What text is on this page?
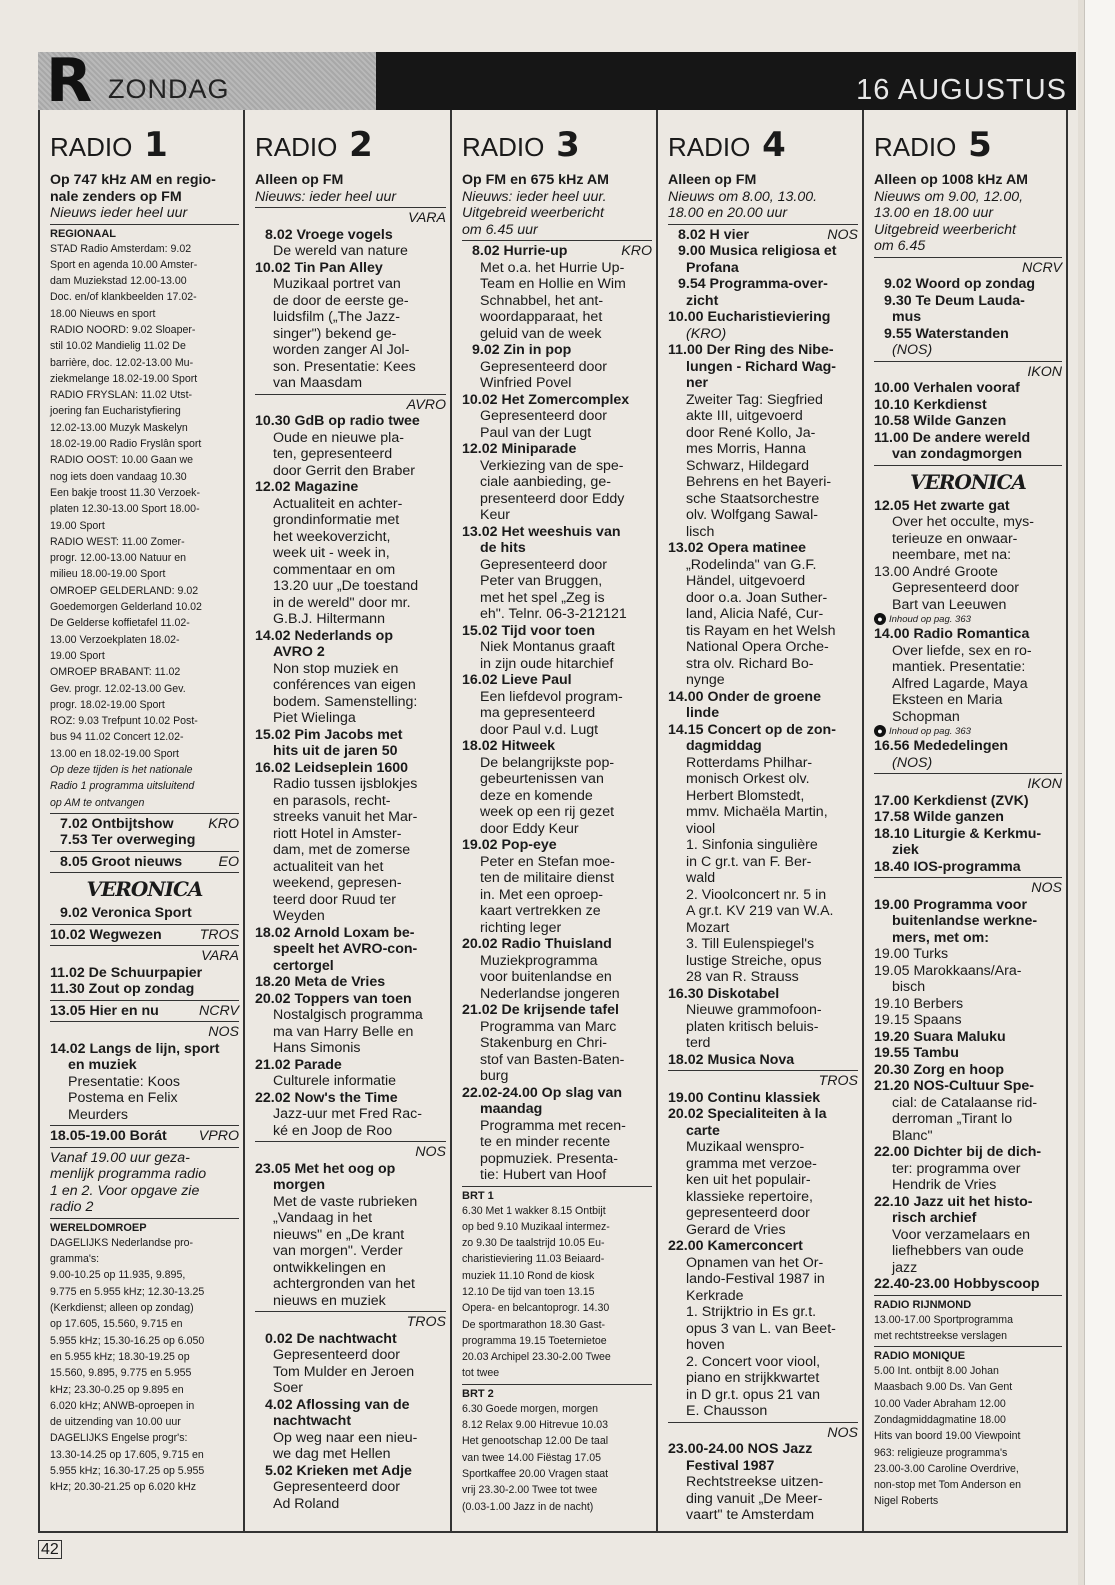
R ZONDAG	16 AUGUSTUS
RADIO 1
Op 747 kHz AM en regio-
nale zenders op FM
Nieuws ieder heel uur
REGIONAAL
STAD Radio Amsterdam: 9.02
Sport en agenda 10.00 Amster-
dam Muziekstad 12.00-13.00
Doc. en/of klankbeelden 17.02-
18.00 Nieuws en sport
RADIO NOORD: 9.02 Sloaper-
stil 10.02 Mandielig 11.02 De
barrière, doc. 12.02-13.00 Mu-
ziekmelange 18.02-19.00 Sport
RADIO FRYSLAN: 11.02 Utst-
joering fan Eucharistyfiering
12.02-13.00 Muzyk Maskelyn
18.02-19.00 Radio Fryslân sport
RADIO OOST: 10.00 Gaan we
nog iets doen vandaag 10.30
Een bakje troost 11.30 Verzoek-
platen 12.30-13.00 Sport 18.00-
19.00 Sport
RADIO WEST: 11.00 Zomer-
progr. 12.00-13.00 Natuur en
milieu 18.00-19.00 Sport
OMROEP GELDERLAND: 9.02
Goedemorgen Gelderland 10.02
De Gelderse koffietafel 11.02-
13.00 Verzoekplaten 18.02-
19.00 Sport
OMROEP BRABANT: 11.02
Gev. progr. 12.02-13.00 Gev.
progr. 18.02-19.00 Sport
ROZ: 9.03 Trefpunt 10.02 Post-
bus 94 11.02 Concert 12.02-
13.00 en 18.02-19.00 Sport
Op deze tijden is het nationale
Radio 1 programma uitsluitend
op AM te ontvangen
7.02 Ontbijtshow KRO
7.53 Ter overweging
8.05 Groot nieuws	EO
VERONICA
9.02 Veronica Sport
10.02 Wegwezen	TROS
VARA
11.02 De Schuurpapier
11.30 Zout op zondag
13.05 Hier en nu	NCRV
NOS
14.02 Langs de lijn, sport
en muziek
Presentatie: Koos
Postema en Felix
Meurders
18.05-19.00 Borát VPRO
Vanaf 19.00 uur geza-
menlijk programma radio
1 en 2. Voor opgave zie
radio 2
WERELDOMROEP
DAGELIJKS Nederlandse pro-
gramma's:
9.00-10.25 op 11.935, 9.895,
9.775 en 5.955 kHz; 12.30-13.25
(Kerkdienst; alleen op zondag)
op 17.605, 15.560, 9.715 en
5.955 kHz; 15.30-16.25 op 6.050
en 5.955 kHz; 18.30-19.25 op
15.560, 9.895, 9.775 en 5.955
kHz; 23.30-0.25 op 9.895 en
6.020 kHz; ANWB-oproepen in
de uitzending van 10.00 uur
DAGELIJKS Engelse progr's:
13.30-14.25 op 17.605, 9.715 en
5.955 kHz; 16.30-17.25 op 5.955
kHz; 20.30-21.25 op 6.020 kHz
RADIO 2
Alleen op FM
Nieuws: ieder heel uur
VARA
8.02 Vroege vogels
De wereld van nature
10.02 Tin Pan Alley
Muzikaal portret van
de door de eerste ge-
luidsfilm („The Jazz-
singer") bekend ge-
worden zanger Al Jol-
son. Presentatie: Kees
van Maasdam
AVRO
10.30 GdB op radio twee
Oude en nieuwe pla-
ten, gepresenteerd
door Gerrit den Braber
12.02 Magazine
Actualiteit en achter-
grondinformatie met
het weekoverzicht,
week uit - week in,
commentaar en om
13.20 uur „De toestand
in de wereld" door mr.
G.B.J. Hiltermann
14.02 Nederlands op
AVRO 2
Non stop muziek en
conférences van eigen
bodem. Samenstelling:
Piet Wielinga
15.02 Pim Jacobs met
hits uit de jaren 50
16.02 Leidseplein 1600
Radio tussen ijsblokjes
en parasols, recht-
streeks vanuit het Mar-
riott Hotel in Amster-
dam, met de zomerse
actualiteit van het
weekend, gepresen-
teerd door Ruud ter
Weyden
18.02 Arnold Loxam be-
speelt het AVRO-con-
certorgel
18.20 Meta de Vries
20.02 Toppers van toen
Nostalgisch programma
ma van Harry Belle en
Hans Simonis
21.02 Parade
Culturele informatie
22.02 Now's the Time
Jazz-uur met Fred Rac-
ké en Joop de Roo
NOS
23.05 Met het oog op
morgen
Met de vaste rubrieken
„Vandaag in het
nieuws" en „De krant
van morgen". Verder
ontwikkelingen en
achtergronden van het
nieuws en muziek
TROS
0.02 De nachtwacht
Gepresenteerd door
Tom Mulder en Jeroen
Soer
4.02 Aflossing van de
nachtwacht
Op weg naar een nieu-
we dag met Hellen
5.02 Krieken met Adje
Gepresenteerd door
Ad Roland
RADIO 3
Op FM en 675 kHz AM
Nieuws: ieder heel uur.
Uitgebreid weerbericht
om 6.45 uur
8.02 Hurrie-up	KRO
Met o.a. het Hurrie Up-
Team en Hollie en Wim
Schnabbel, het ant-
woordapparaat, het
geluid van de week
9.02 Zin in pop
Gepresenteerd door
Winfried Povel
10.02 Het Zomercomplex
Gepresenteerd door
Paul van der Lugt
12.02 Miniparade
Verkiezing van de spe-
ciale aanbieding, ge-
presenteerd door Eddy
Keur
13.02 Het weeshuis van
de hits
Gepresenteerd door
Peter van Bruggen,
met het spel „Zeg is
eh". Telnr. 06-3-212121
15.02 Tijd voor toen
Niek Montanus graaft
in zijn oude hitarchief
16.02 Lieve Paul
Een liefdevol program-
ma gepresenteerd
door Paul v.d. Lugt
18.02 Hitweek
De belangrijkste pop-
gebeurtenissen van
deze en komende
week op een rij gezet
door Eddy Keur
19.02 Pop-eye
Peter en Stefan moe-
ten de militaire dienst
in. Met een oproep-
kaart vertrekken ze
richting leger
20.02 Radio Thuisland
Muziekprogramma
voor buitenlandse en
Nederlandse jongeren
21.02 De krijsende tafel
Programma van Marc
Stakenburg en Chri-
stof van Basten-Baten-
burg
22.02-24.00 Op slag van
maandag
Programma met recen-
te en minder recente
popmuziek. Presenta-
tie: Hubert van Hoof
BRT 1
6.30 Met 1 wakker 8.15 Ontbijt
op bed 9.10 Muzikaal intermez-
zo 9.30 De taalstrijd 10.05 Eu-
charistieviering 11.03 Beiaard-
muziek 11.10 Rond de kiosk
12.10 De tijd van toen 13.15
Opera- en belcantoprogr. 14.30
De sportmarathon 18.30 Gast-
programma 19.15 Toeternietoe
20.03 Archipel 23.30-2.00 Twee
tot twee
BRT 2
6.30 Goede morgen, morgen
8.12 Relax 9.00 Hitrevue 10.03
Het genootschap 12.00 De taal
van twee 14.00 Fiëstag 17.05
Sportkaffee 20.00 Vragen staat
vrij 23.30-2.00 Twee tot twee
(0.03-1.00 Jazz in de nacht)
RADIO 4
Alleen op FM
Nieuws om 8.00, 13.00.
18.00 en 20.00 uur
8.02 H vier	NOS
9.00 Musica religiosa et
Profana
9.54 Programma-over-
zicht
10.00 Eucharistieviering
(KRO)
11.00 Der Ring des Nibe-
lungen - Richard Wag-
ner
Zweiter Tag: Siegfried
akte III, uitgevoerd
door René Kollo, Ja-
mes Morris, Hanna
Schwarz, Hildegard
Behrens en het Bayeri-
sche Staatsorchestre
olv. Wolfgang Sawal-
lisch
13.02 Opera matinee
„Rodelinda" van G.F.
Händel, uitgevoerd
door o.a. Joan Suther-
land, Alicia Nafé, Cur-
tis Rayam en het Welsh
National Opera Orche-
stra olv. Richard Bo-
nynge
14.00 Onder de groene
linde
14.15 Concert op de zon-
dagmiddag
Rotterdams Philhar-
monisch Orkest olv.
Herbert Blomstedt,
mmv. Michaëla Martin,
viool
1. Sinfonia singulière
in C gr.t. van F. Ber-
wald
2. Vioolconcert nr. 5 in
A gr.t. KV 219 van W.A.
Mozart
3. Till Eulenspiegel's
lustige Streiche, opus
28 van R. Strauss
16.30 Diskotabel
Nieuwe grammofoon-
platen kritisch beluis-
terd
18.02 Musica Nova
TROS
19.00 Continu klassiek
20.02 Specialiteiten à la
carte
Muzikaal wenspro-
gramma met verzoe-
ken uit het populair-
klassieke repertoire,
gepresenteerd door
Gerard de Vries
22.00 Kamerconcert
Opnamen van het Or-
lando-Festival 1987 in
Kerkrade
1. Strijktrio in Es gr.t.
opus 3 van L. van Beet-
hoven
2. Concert voor viool,
piano en strijkkwartet
in D gr.t. opus 21 van
E. Chausson
NOS
23.00-24.00 NOS Jazz
Festival 1987
Rechtstreekse uitzen-
ding vanuit „De Meer-
vaart" te Amsterdam
RADIO 5
Alleen op 1008 kHz AM
Nieuws om 9.00, 12.00,
13.00 en 18.00 uur
Uitgebreid weerbericht
om 6.45
NCRV
9.02 Woord op zondag
9.30 Te Deum Lauda-
mus
9.55 Waterstanden
(NOS)
IKON
10.00 Verhalen vooraf
10.10 Kerkdienst
10.58 Wilde Ganzen
11.00 De andere wereld
van zondagmorgen
VERONICA
12.05 Het zwarte gat
Over het occulte, mys-
terieuze en onwaar-
neembare, met na:
13.00 André Groote
Gepresenteerd door
Bart van Leeuwen
● Inhoud op pag. 363
14.00 Radio Romantica
Over liefde, sex en ro-
mantiek. Presentatie:
Alfred Lagarde, Maya
Eksteen en Maria
Schopman
● Inhoud op pag. 363
16.56 Mededelingen
(NOS)
IKON
17.00 Kerkdienst (ZVK)
17.58 Wilde ganzen
18.10 Liturgie & Kerkmu-
ziek
18.40 IOS-programma
NOS
19.00 Programma voor
buitenlandse werkne-
mers, met om:
19.00 Turks
19.05 Marokkaans/Ara-
bisch
19.10 Berbers
19.15 Spaans
19.20 Suara Maluku
19.55 Tambu
20.30 Zorg en hoop
21.20 NOS-Cultuur Spe-
cial: de Catalaanse rid-
derroman „Tirant lo
Blanc"
22.00 Dichter bij de dich-
ter: programma over
Hendrik de Vries
22.10 Jazz uit het histo-
risch archief
Voor verzamelaars en
liefhebbers van oude
jazz
22.40-23.00 Hobbyscoop
RADIO RIJNMOND
13.00-17.00 Sportprogramma
met rechtstreekse verslagen
RADIO MONIQUE
5.00 Int. ontbijt 8.00 Johan
Maasbach 9.00 Ds. Van Gent
10.00 Vader Abraham 12.00
Zondagmiddagmatine 18.00
Hits van boord 19.00 Viewpoint
963: religieuze programma's
23.00-3.00 Caroline Overdrive,
non-stop met Tom Anderson en
Nigel Roberts
42
